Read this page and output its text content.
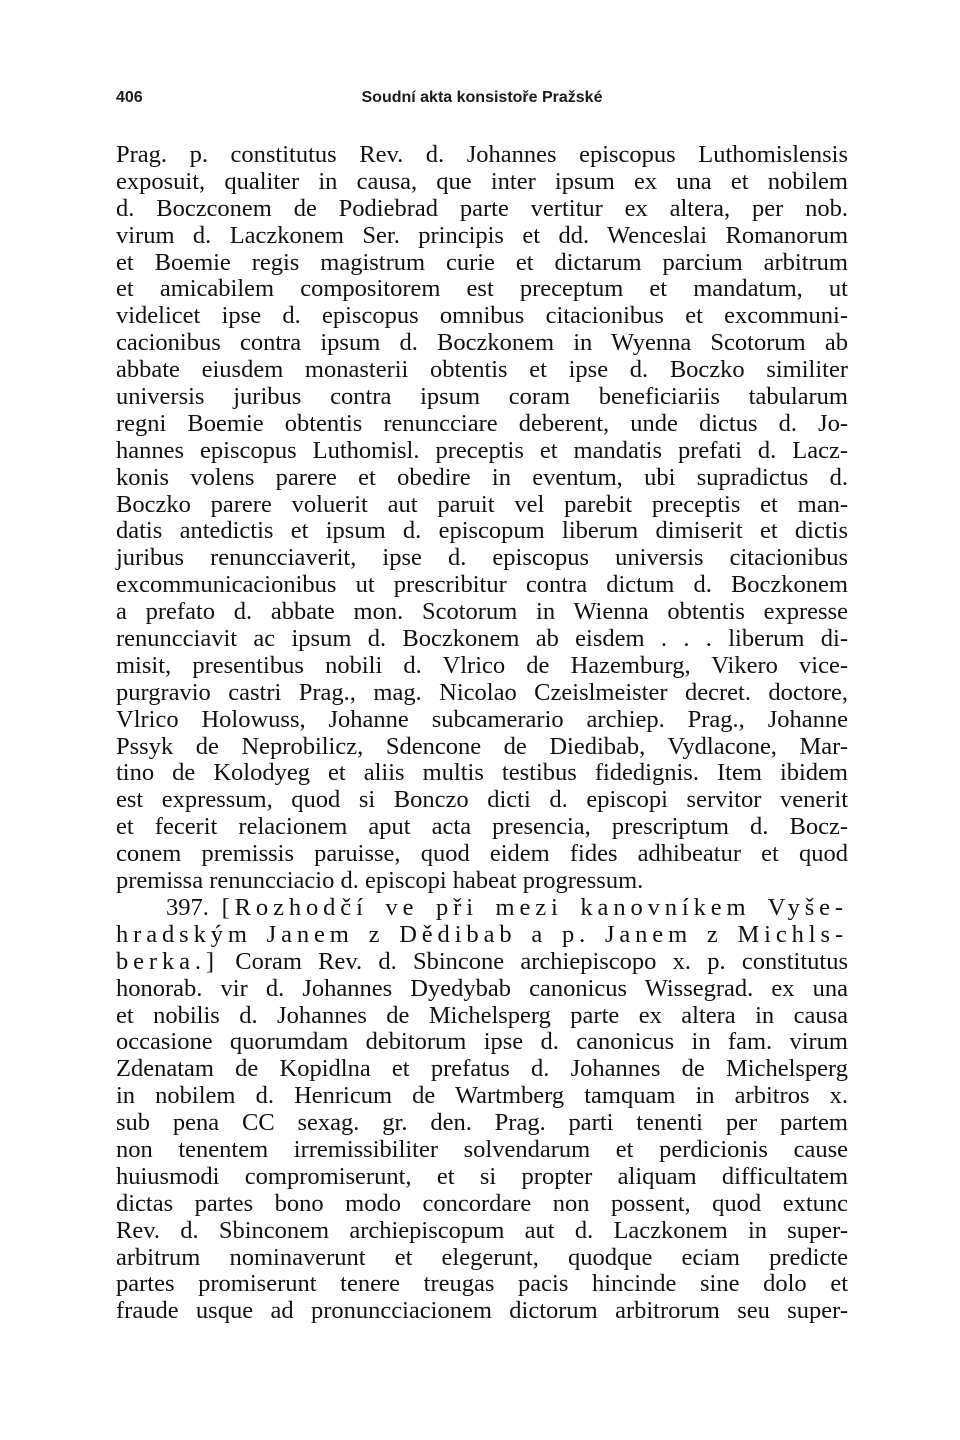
406	Soudní akta konsistoře Pražské
Prag. p. constitutus Rev. d. Johannes episcopus Luthomislensis
exposuit, qualiter in causa, que inter ipsum ex una et nobilem
d. Boczconem de Podiebrad parte vertitur ex altera, per nob.
virum d. Laczkonem Ser. principis et dd. Wenceslai Romanorum
et Boemie regis magistrum curie et dictarum parcium arbitrum
et amicabilem compositorem est preceptum et mandatum, ut
videlicet ipse d. episcopus omnibus citacionibus et excommuni-
cacionibus contra ipsum d. Boczkonem in Wyenna Scotorum ab
abbate eiusdem monasterii obtentis et ipse d. Boczko similiter
universis juribus contra ipsum coram beneficiariis tabularum
regni Boemie obtentis renuncciare deberent, unde dictus d. Jo-
hannes episcopus Luthomisl. preceptis et mandatis prefati d. Lacz-
konis volens parere et obedire in eventum, ubi supradictus d.
Boczko parere voluerit aut paruit vel parebit preceptis et man-
datis antedictis et ipsum d. episcopum liberum dimiserit et dictis
juribus renuncciaverit, ipse d. episcopus universis citacionibus
excommunicacionibus ut prescribitur contra dictum d. Boczkonem
a prefato d. abbate mon. Scotorum in Wienna obtentis expresse
renuncciavit ac ipsum d. Boczkonem ab eisdem . . . liberum di-
misit, presentibus nobili d. Vlrico de Hazemburg, Vikero vice-
purgravio castri Prag., mag. Nicolao Czeislmeister decret. doctore,
Vlrico Holowuss, Johanne subcamerario archiep. Prag., Johanne
Pssyk de Neprobilicz, Sdencone de Diedibab, Vydlacone, Mar-
tino de Kolodyeg et aliis multis testibus fidedignis. Item ibidem
est expressum, quod si Bonczo dicti d. episcopi servitor venerit
et fecerit relacionem aput acta presencia, prescriptum d. Bocz-
conem premissis paruisse, quod eidem fides adhibeatur et quod
premissa renuncciacio d. episcopi habeat progressum.
397. [Rozhodčí ve při mezi kanovníkem Vyše-
hradským Janem z Dědibab a p. Janem z Michls-
berka.] Coram Rev. d. Sbincone archiepiscopo x. p. constitutus
honorab. vir d. Johannes Dyedybab canonicus Wissegrad. ex una
et nobilis d. Johannes de Michelsperg parte ex altera in causa
occasione quorumdam debitorum ipse d. canonicus in fam. virum
Zdenatam de Kopidlna et prefatus d. Johannes de Michelsperg
in nobilem d. Henricum de Wartmberg tamquam in arbitros x.
sub pena CC sexag. gr. den. Prag. parti tenenti per partem
non tenentem irremissibiliter solvendarum et perdicionis cause
huiusmodi compromiserunt, et si propter aliquam difficultatem
dictas partes bono modo concordare non possent, quod extunc
Rev. d. Sbinconem archiepiscopum aut d. Laczkonem in super-
arbitrum nominaverunt et elegerunt, quodque eciam predicte
partes promiserunt tenere treugas pacis hincinde sine dolo et
fraude usque ad pronuncciacionem dictorum arbitrorum seu super-
